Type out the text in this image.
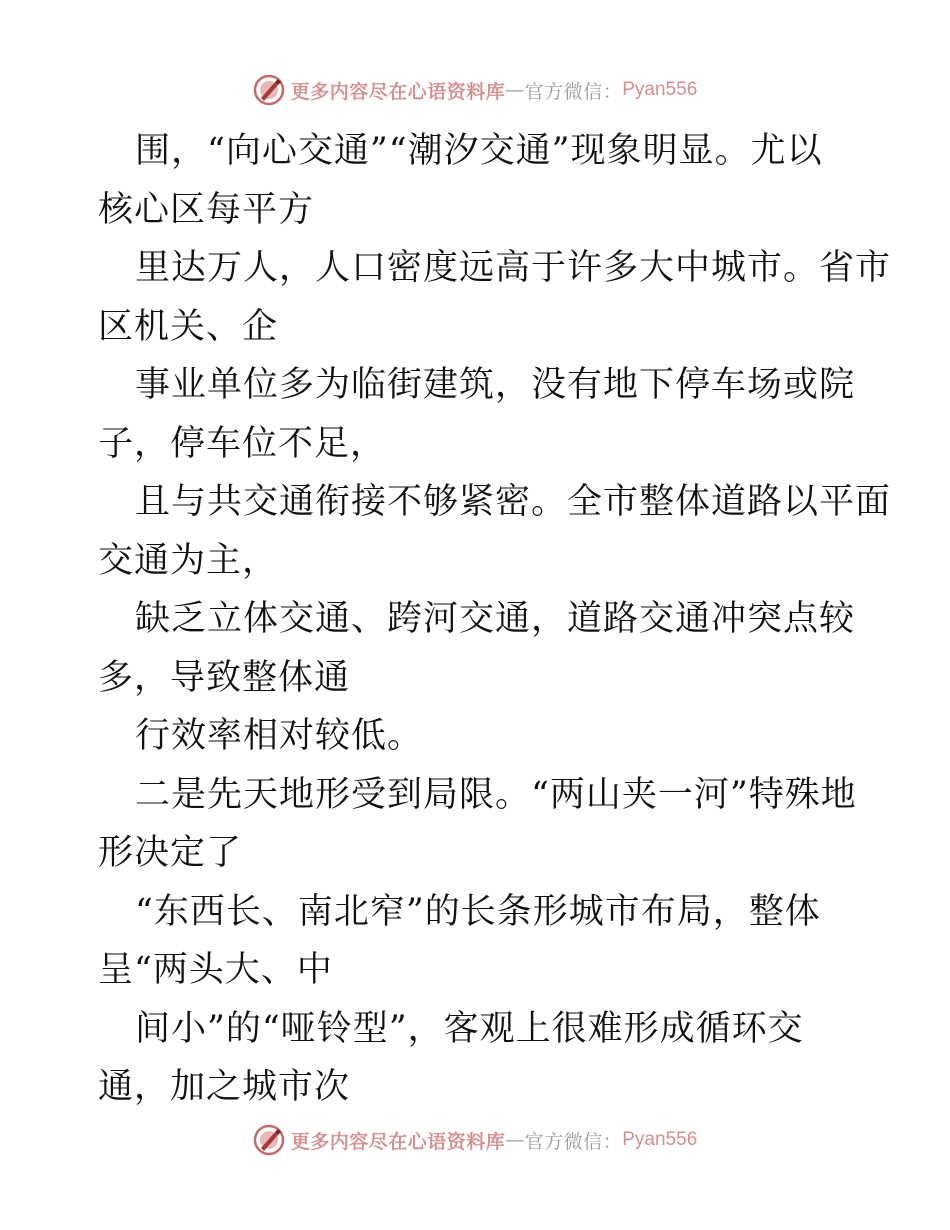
更多内容尽在心语资料库 — 官方微信： Pyan556
围，“向心交通”“潮汐交通”现象明显。尤以
核心区每平方
里达万人，人口密度远高于许多大中城市。省市
区机关、企
事业单位多为临街建筑，没有地下停车场或院
子，停车位不足，
且与共交通衔接不够紧密。全市整体道路以平面
交通为主，
缺乏立体交通、跨河交通，道路交通冲突点较
多，导致整体通
行效率相对较低。
二是先天地形受到局限。“两山夹一河”特殊地
形决定了
“东西长、南北窄”的长条形城市布局，整体
呈“两头大、中
间小”的“哑铃型”，客观上很难形成循环交
通，加之城市次
更多内容尽在心语资料库 — 官方微信： Pyan556
